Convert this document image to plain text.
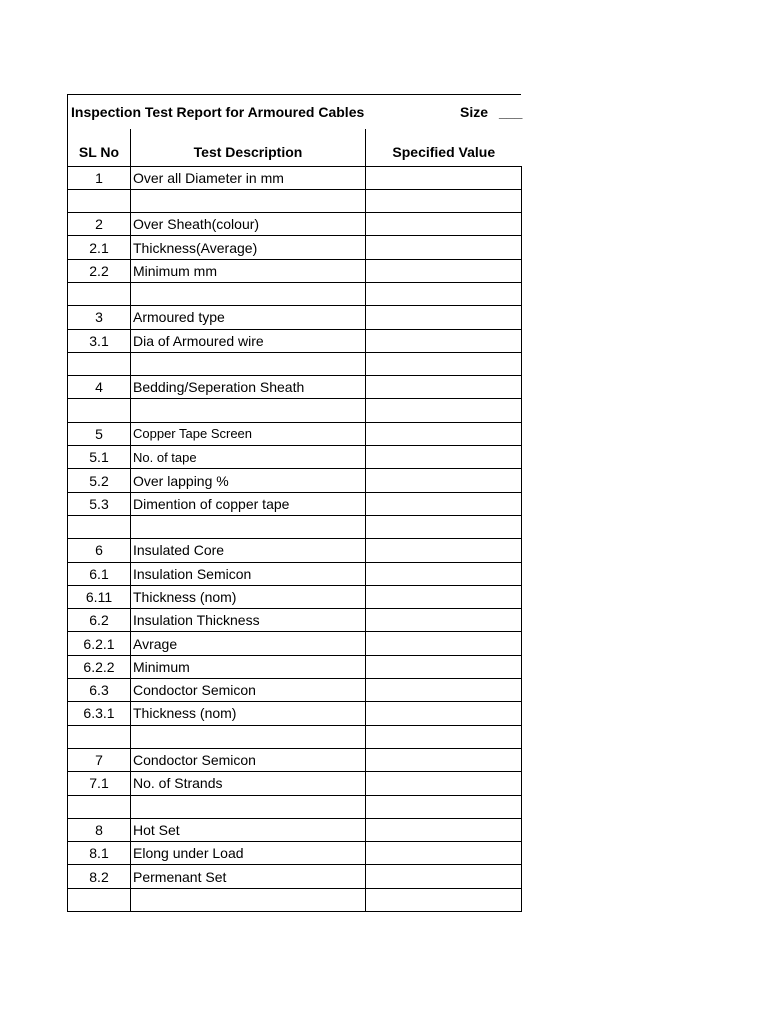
Inspection Test Report for Armoured Cables	Size ___
SL No	Test Description	Specified Value
1	Over all Diameter in mm	

2	Over Sheath(colour)	
2.1	Thickness(Average)	
2.2	Minimum mm	

3	Armoured type	
3.1	Dia of Armoured wire	

4	Bedding/Seperation Sheath	

5	Copper Tape Screen	
5.1	No. of tape	
5.2	Over lapping %	
5.3	Dimention of copper tape	

6	Insulated Core	
6.1	Insulation Semicon	
6.11	Thickness (nom)	
6.2	Insulation Thickness	
6.2.1	Avrage	
6.2.2	Minimum	
6.3	Condoctor Semicon	
6.3.1	Thickness (nom)	

7	Condoctor Semicon	
7.1	No. of Strands	

8	Hot Set	
8.1	Elong under Load	
8.2	Permenant Set	
